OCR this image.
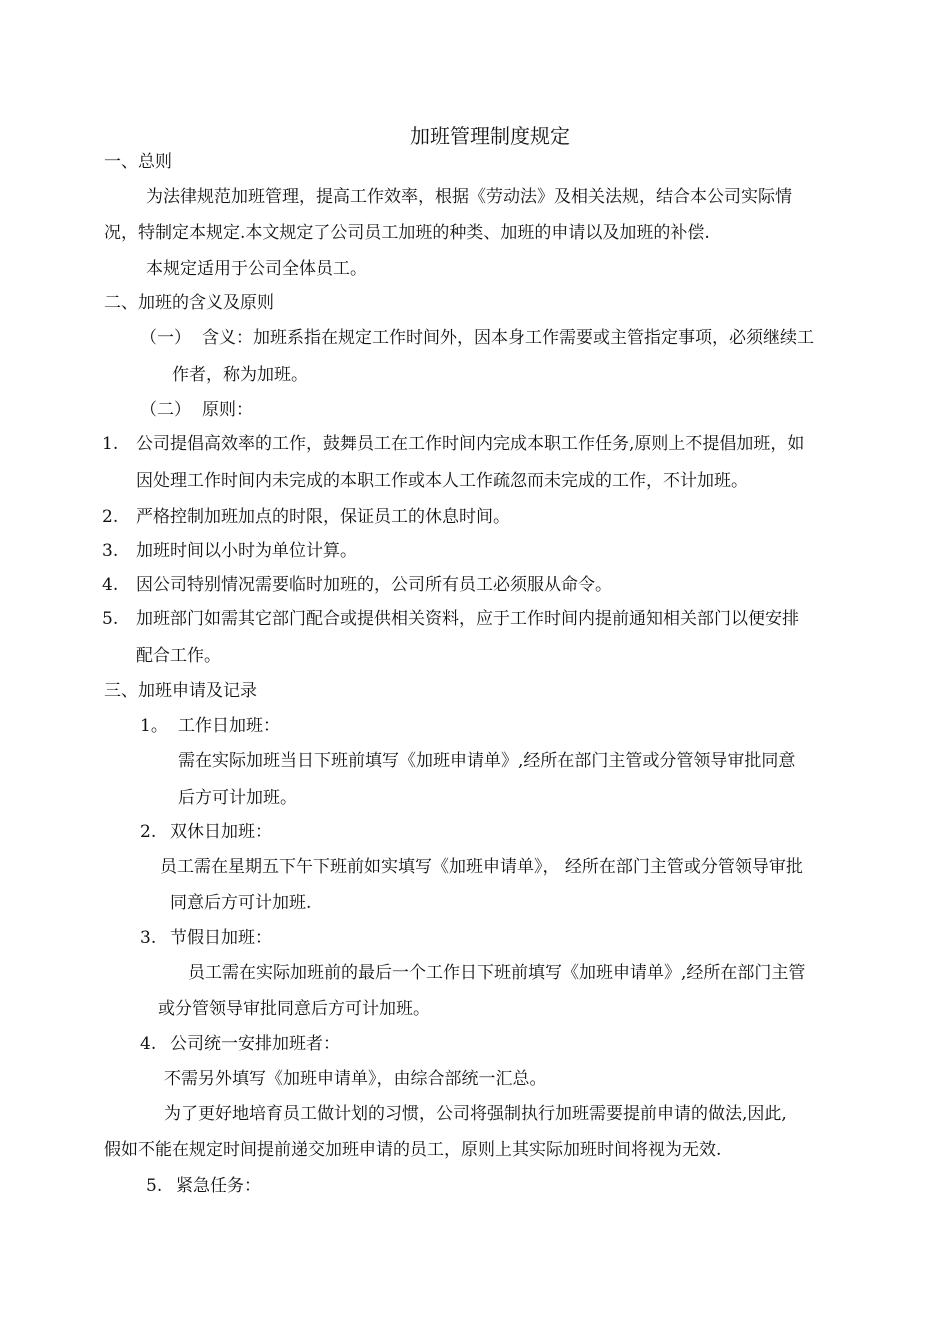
加班管理制度规定
一、总则
为法律规范加班管理，提高工作效率，根据《劳动法》及相关法规，结合本公司实际情
况，特制定本规定.本文规定了公司员工加班的种类、加班的申请以及加班的补偿.
本规定适用于公司全体员工。
二、加班的含义及原则
（一） 含义：加班系指在规定工作时间外，因本身工作需要或主管指定事项，必须继续工
作者，称为加班。
（二） 原则：
1. 公司提倡高效率的工作，鼓舞员工在工作时间内完成本职工作任务,原则上不提倡加班，如
因处理工作时间内未完成的本职工作或本人工作疏忽而未完成的工作，不计加班。
2. 严格控制加班加点的时限，保证员工的休息时间。
3. 加班时间以小时为单位计算。
4. 因公司特别情况需要临时加班的，公司所有员工必须服从命令。
5. 加班部门如需其它部门配合或提供相关资料，应于工作时间内提前通知相关部门以便安排
配合工作。
三、加班申请及记录
1。 工作日加班：
需在实际加班当日下班前填写《加班申请单》,经所在部门主管或分管领导审批同意
后方可计加班。
2. 双休日加班：
员工需在星期五下午下班前如实填写《加班申请单》， 经所在部门主管或分管领导审批
同意后方可计加班.
3. 节假日加班：
员工需在实际加班前的最后一个工作日下班前填写《加班申请单》,经所在部门主管
或分管领导审批同意后方可计加班。
4. 公司统一安排加班者：
不需另外填写《加班申请单》，由综合部统一汇总。
为了更好地培育员工做计划的习惯，公司将强制执行加班需要提前申请的做法,因此,
假如不能在规定时间提前递交加班申请的员工，原则上其实际加班时间将视为无效.
5. 紧急任务：
